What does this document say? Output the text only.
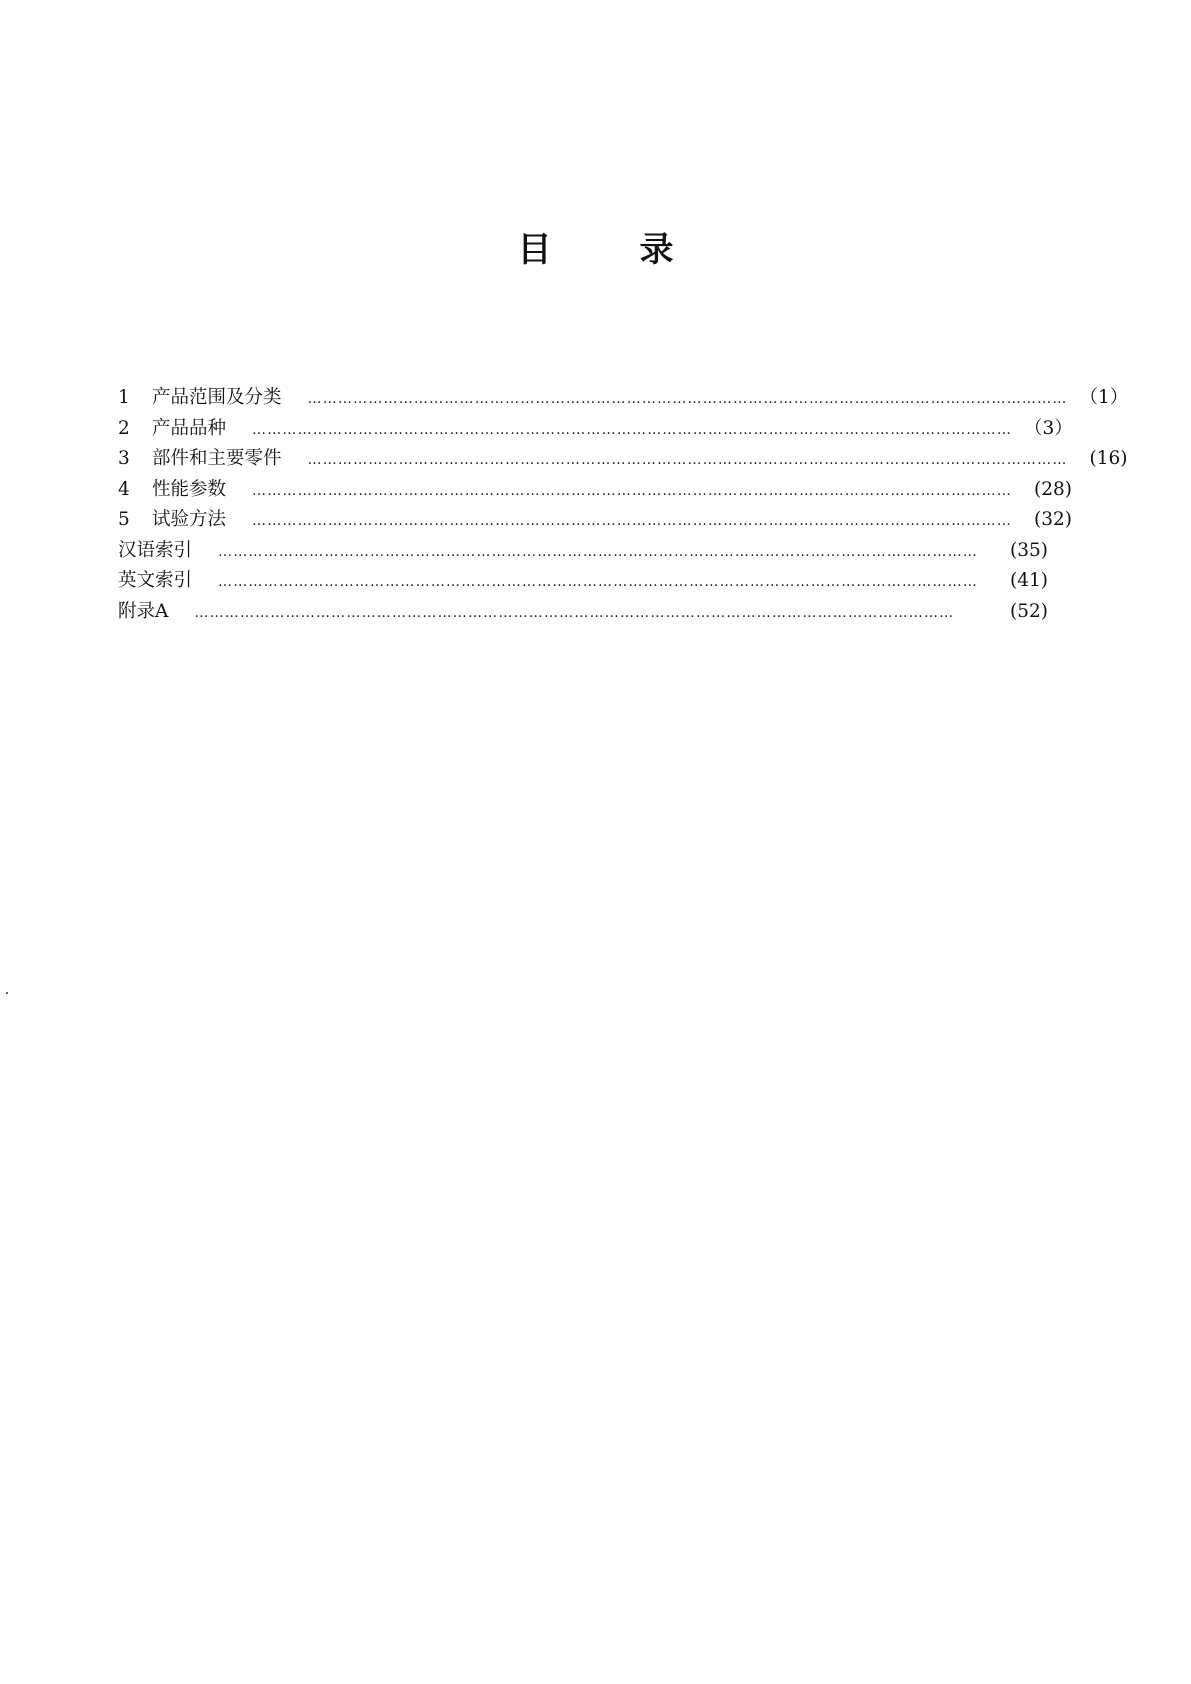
目	录
1	产品范围及分类 …………………………………………………………………………………………………………………………………… （1）
2	产品品种 …………………………………………………………………………………………………………………………………… （3）
3	部件和主要零件 ……………………………………………………………………………………………………………………………………	(16)
4	性能参数 ……………………………………………………………………………………………………………………………………	(28)
5	试验方法 ……………………………………………………………………………………………………………………………………	(32)
汉语索引 ……………………………………………………………………………………………………………………………………	(35)
英文索引 ……………………………………………………………………………………………………………………………………	(41)
附录A ……………………………………………………………………………………………………………………………………	(52)
